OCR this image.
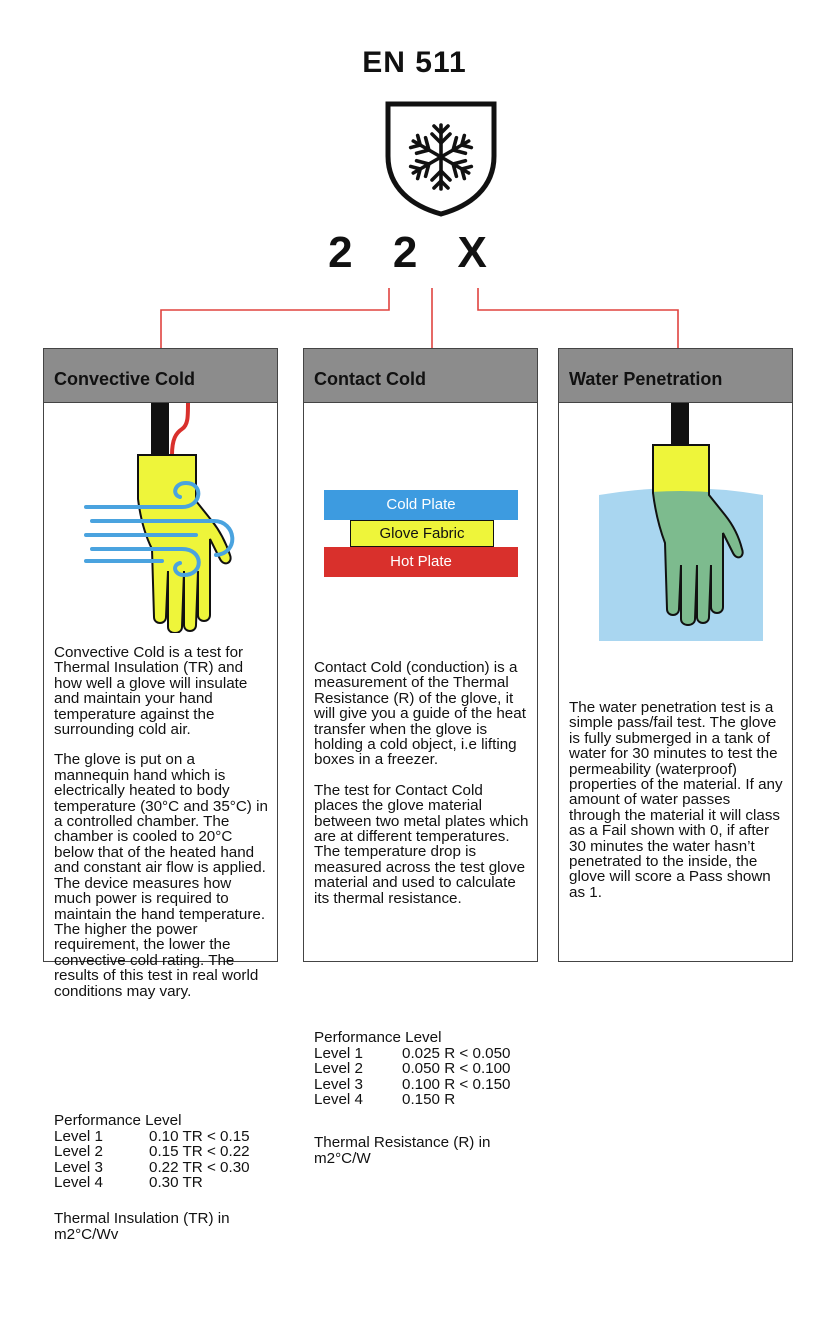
EN 511
2 2 X
Convective Cold

Convective Cold is a test for Thermal Insulation (TR) and how well a glove will insulate and maintain your hand temperature against the surrounding cold air.

The glove is put on a mannequin hand which is electrically heated to body temperature (30°C and 35°C) in a controlled chamber. The chamber is cooled to 20°C below that of the heated hand and constant air flow is applied. The device measures how much power is required to maintain the hand temperature. The higher the power requirement, the lower the convective cold rating. The results of this test in real world conditions may vary.

Performance Level
Level 1	0.10 TR < 0.15
Level 2	0.15 TR < 0.22
Level 3	0.22 TR < 0.30
Level 4	0.30 TR
Thermal Insulation (TR) in m2°C/Wv
Contact Cold
Cold Plate
Glove Fabric
Hot Plate

Contact Cold (conduction) is a measurement of the Thermal Resistance (R) of the glove, it will give you a guide of the heat transfer when the glove is holding a cold object, i.e lifting boxes in a freezer.

The test for Contact Cold places the glove material between two metal plates which are at different temperatures. The temperature drop is measured across the test glove material and used to calculate its thermal resistance.

Performance Level
Level 1	0.025 R < 0.050
Level 2	0.050 R < 0.100
Level 3	0.100 R < 0.150
Level 4	0.150 R
Thermal Resistance (R) in m2°C/W
Water Penetration

The water penetration test is a simple pass/fail test. The glove is fully submerged in a tank of water for 30 minutes to test the permeability (waterproof) properties of the material. If any amount of water passes through the material it will class as a Fail shown with 0, if after 30 minutes the water hasn’t penetrated to the inside, the glove will score a Pass shown as 1.
